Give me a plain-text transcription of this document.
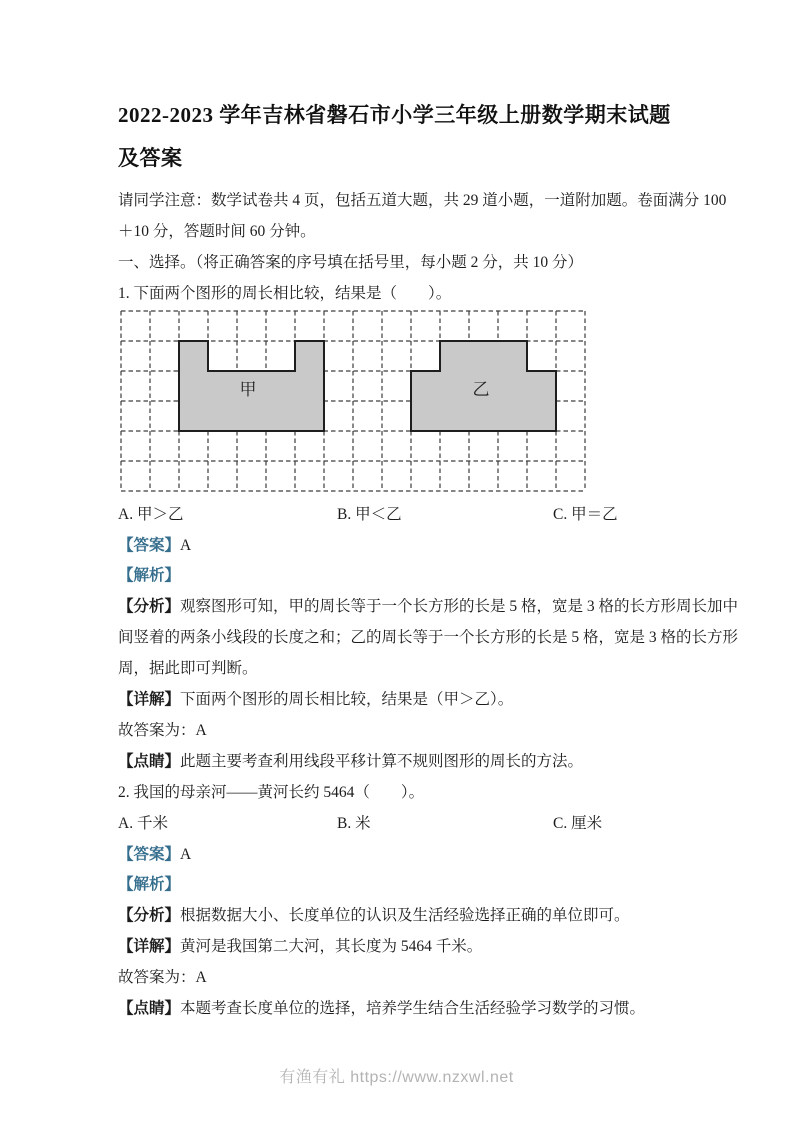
2022-2023 学年吉林省磐石市小学三年级上册数学期末试题
及答案
请同学注意：数学试卷共 4 页，包括五道大题，共 29 道小题，一道附加题。卷面满分 100
＋10 分，答题时间 60 分钟。
一、选择。（将正确答案的序号填在括号里，每小题 2 分，共 10 分）
1. 下面两个图形的周长相比较，结果是（　　）。
甲	乙
A. 甲＞乙	B. 甲＜乙	C. 甲＝乙
【答案】A
【解析】
【分析】观察图形可知，甲的周长等于一个长方形的长是 5 格，宽是 3 格的长方形周长加中
间竖着的两条小线段的长度之和；乙的周长等于一个长方形的长是 5 格，宽是 3 格的长方形
周，据此即可判断。
【详解】下面两个图形的周长相比较，结果是（甲＞乙）。
故答案为：A
【点睛】此题主要考查利用线段平移计算不规则图形的周长的方法。
2. 我国的母亲河——黄河长约 5464（　　）。
A. 千米	B. 米	C. 厘米
【答案】A
【解析】
【分析】根据数据大小、长度单位的认识及生活经验选择正确的单位即可。
【详解】黄河是我国第二大河，其长度为 5464 千米。
故答案为：A
【点睛】本题考查长度单位的选择，培养学生结合生活经验学习数学的习惯。
有渔有礼 https://www.nzxwl.net
